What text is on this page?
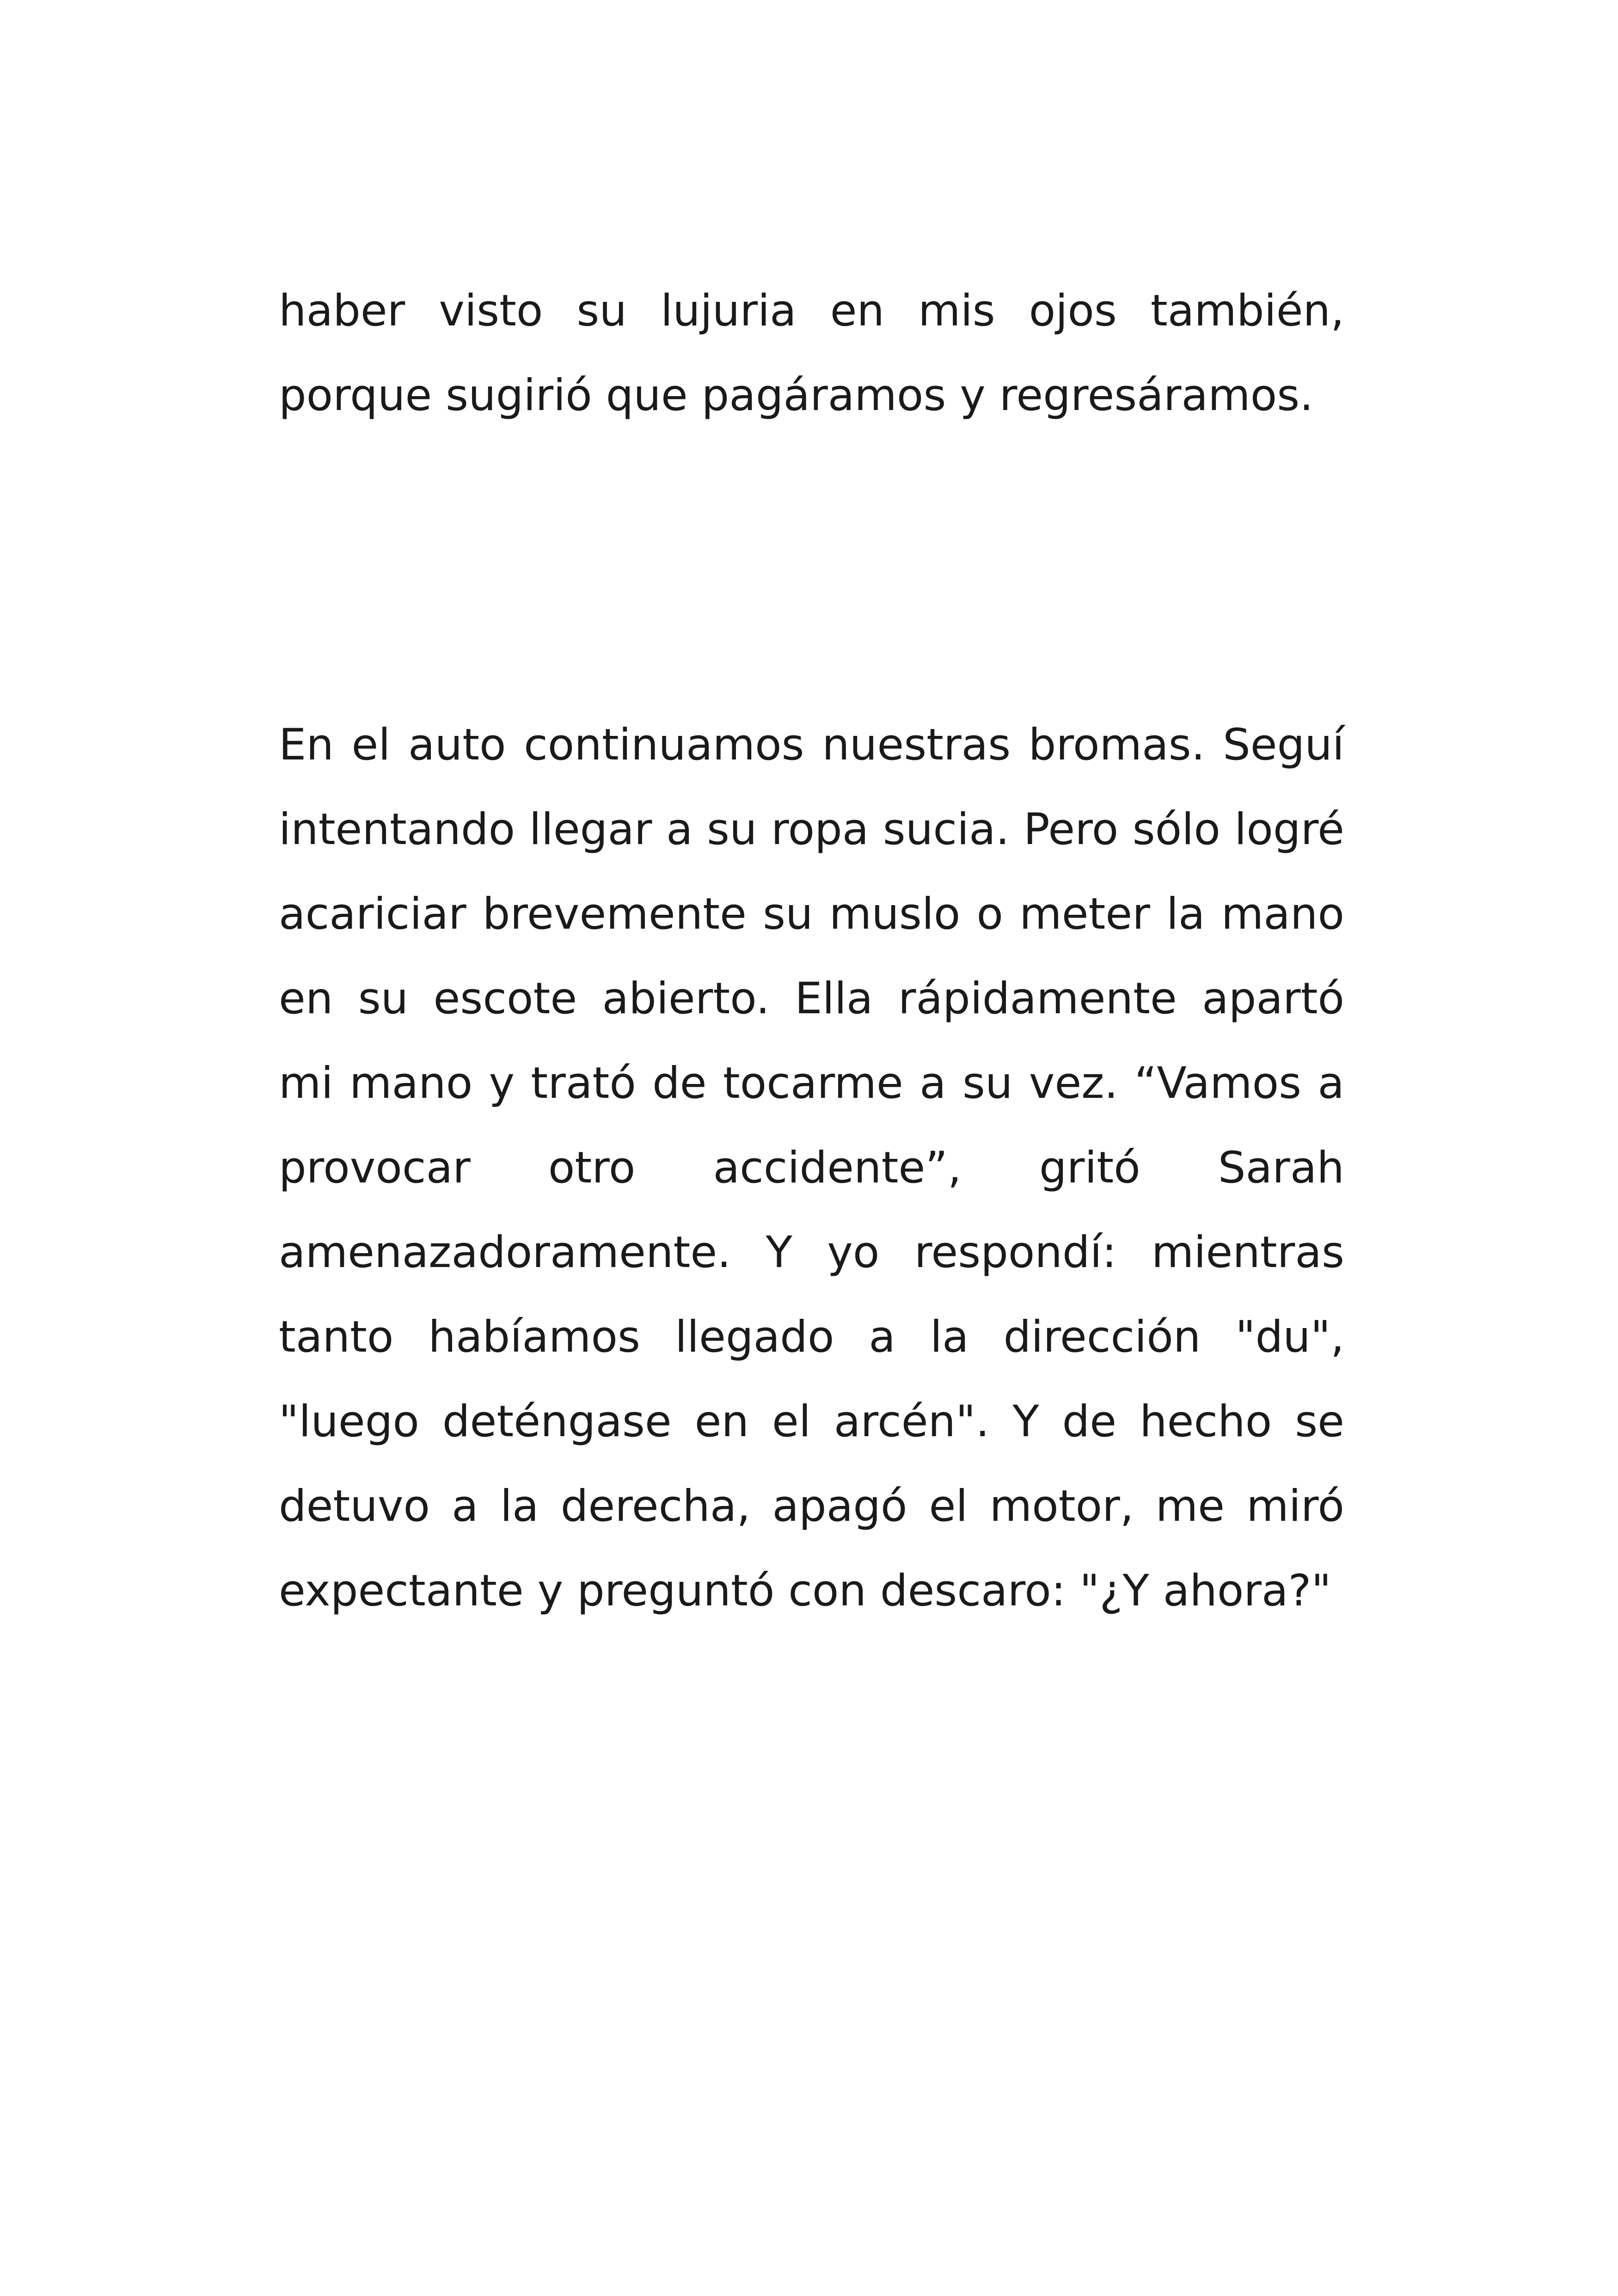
haber visto su lujuria en mis ojos también, porque sugirió que pagáramos y regresáramos.

En el auto continuamos nuestras bromas. Seguí intentando llegar a su ropa sucia. Pero sólo logré acariciar brevemente su muslo o meter la mano en su escote abierto. Ella rápidamente apartó mi mano y trató de tocarme a su vez. “Vamos a provocar otro accidente”, gritó Sarah amenazadoramente. Y yo respondí: mientras tanto habíamos llegado a la dirección "du", "luego deténgase en el arcén". Y de hecho se detuvo a la derecha, apagó el motor, me miró expectante y preguntó con descaro: "¿Y ahora?"
